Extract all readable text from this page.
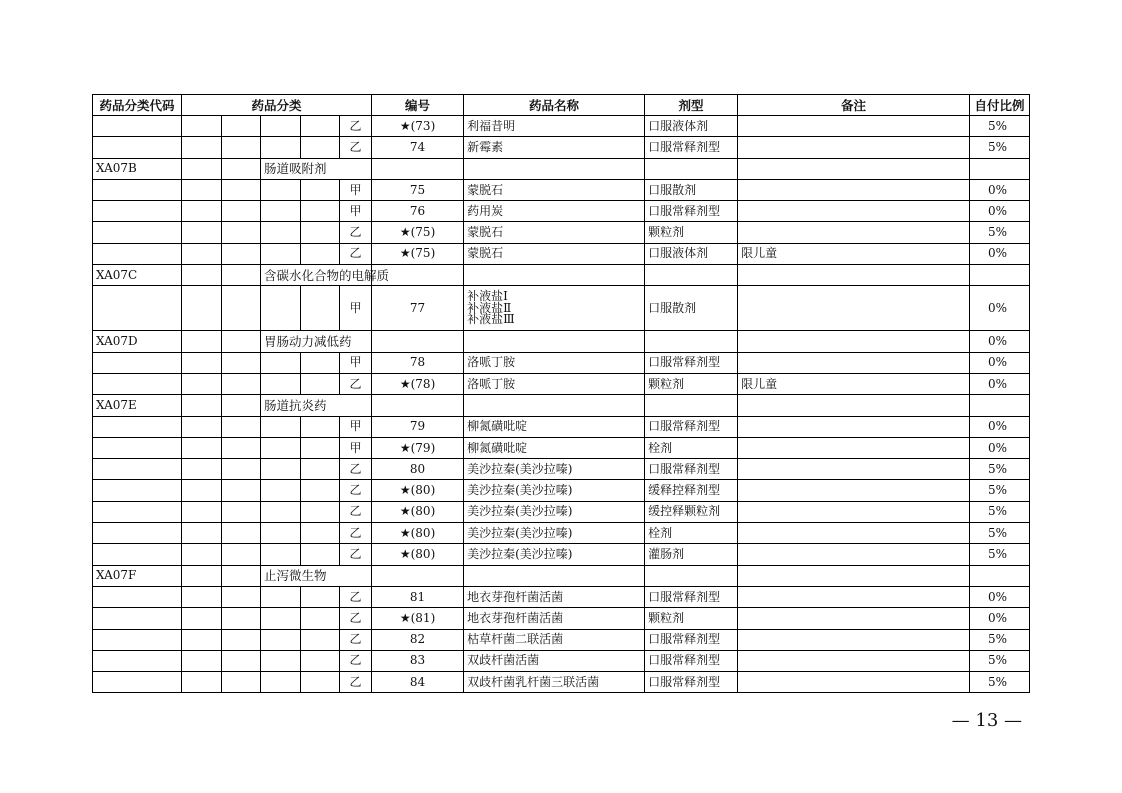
药品分类代码	药品分类					编号	药品名称	剂型	备注	自付比例
					乙	★(73)	利福昔明	口服液体剂		5%
					乙	74	新霉素	口服常释剂型		5%
XA07B			肠道吸附剂							
					甲	75	蒙脱石	口服散剂		0%
					甲	76	药用炭	口服常释剂型		0%
					乙	★(75)	蒙脱石	颗粒剂		5%
					乙	★(75)	蒙脱石	口服液体剂	限儿童	0%
XA07C			含碳水化合物的电解质							
					甲	77	补液盐Ⅰ
补液盐Ⅱ
补液盐Ⅲ	口服散剂		0%
XA07D			胃肠动力减低药							0%
					甲	78	洛哌丁胺	口服常释剂型		0%
					乙	★(78)	洛哌丁胺	颗粒剂	限儿童	0%
XA07E			肠道抗炎药							
					甲	79	柳氮磺吡啶	口服常释剂型		0%
					甲	★(79)	柳氮磺吡啶	栓剂		0%
					乙	80	美沙拉秦(美沙拉嗪)	口服常释剂型		5%
					乙	★(80)	美沙拉秦(美沙拉嗪)	缓释控释剂型		5%
					乙	★(80)	美沙拉秦(美沙拉嗪)	缓控释颗粒剂		5%
					乙	★(80)	美沙拉秦(美沙拉嗪)	栓剂		5%
					乙	★(80)	美沙拉秦(美沙拉嗪)	灌肠剂		5%
XA07F			止泻微生物							
					乙	81	地衣芽孢杆菌活菌	口服常释剂型		0%
					乙	★(81)	地衣芽孢杆菌活菌	颗粒剂		0%
					乙	82	枯草杆菌二联活菌	口服常释剂型		5%
					乙	83	双歧杆菌活菌	口服常释剂型		5%
					乙	84	双歧杆菌乳杆菌三联活菌	口服常释剂型		5%
— 13 —
